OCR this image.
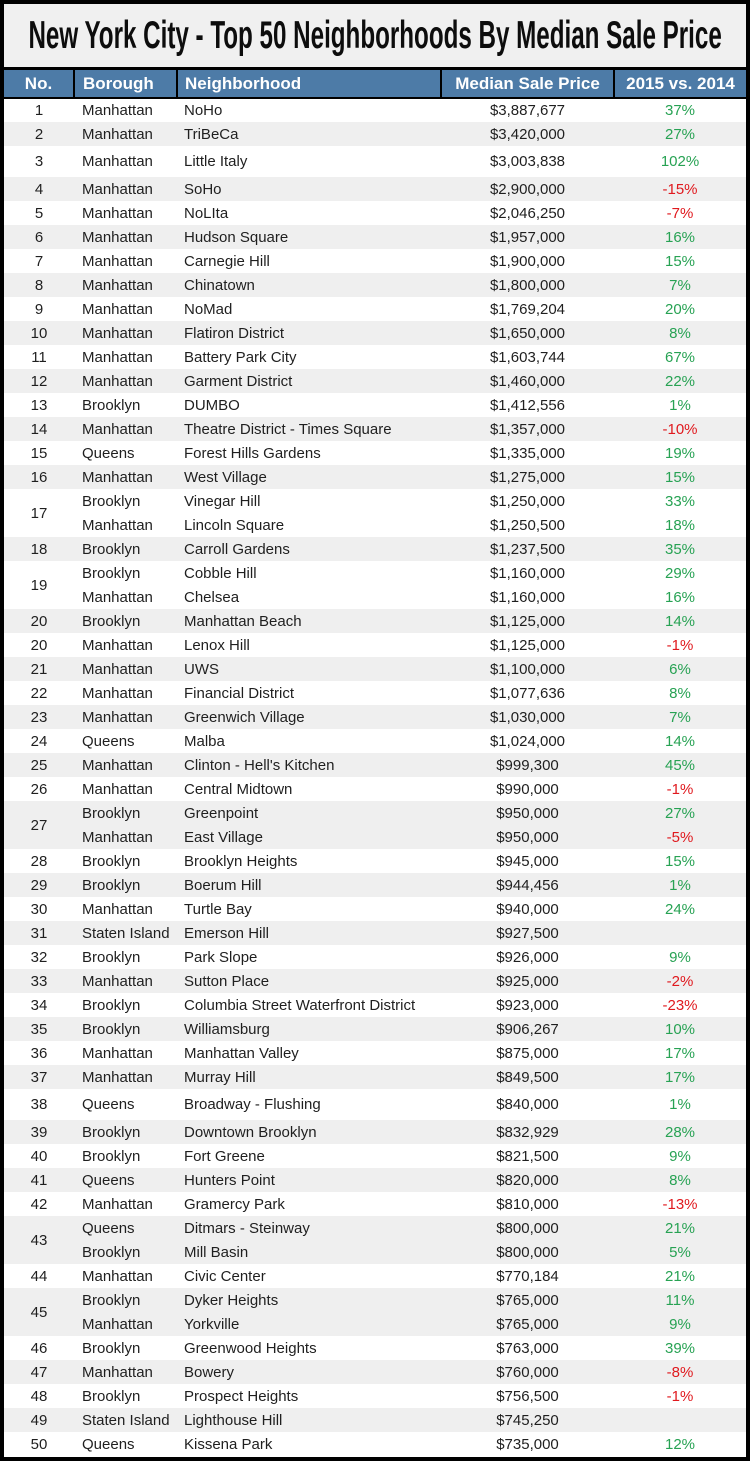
New York City - Top 50 Neighborhoods By Median Sale Price
No.	Borough	Neighborhood	Median Sale Price	2015 vs. 2014
1	Manhattan	NoHo	$3,887,677	37%
2	Manhattan	TriBeCa	$3,420,000	27%
3	Manhattan	Little Italy	$3,003,838	102%
4	Manhattan	SoHo	$2,900,000	-15%
5	Manhattan	NoLIta	$2,046,250	-7%
6	Manhattan	Hudson Square	$1,957,000	16%
7	Manhattan	Carnegie Hill	$1,900,000	15%
8	Manhattan	Chinatown	$1,800,000	7%
9	Manhattan	NoMad	$1,769,204	20%
10	Manhattan	Flatiron District	$1,650,000	8%
11	Manhattan	Battery Park City	$1,603,744	67%
12	Manhattan	Garment District	$1,460,000	22%
13	Brooklyn	DUMBO	$1,412,556	1%
14	Manhattan	Theatre District - Times Square	$1,357,000	-10%
15	Queens	Forest Hills Gardens	$1,335,000	19%
16	Manhattan	West Village	$1,275,000	15%
17	Brooklyn	Vinegar Hill	$1,250,000	33%
	Manhattan	Lincoln Square	$1,250,500	18%
18	Brooklyn	Carroll Gardens	$1,237,500	35%
19	Brooklyn	Cobble Hill	$1,160,000	29%
	Manhattan	Chelsea	$1,160,000	16%
20	Brooklyn	Manhattan Beach	$1,125,000	14%
20	Manhattan	Lenox Hill	$1,125,000	-1%
21	Manhattan	UWS	$1,100,000	6%
22	Manhattan	Financial District	$1,077,636	8%
23	Manhattan	Greenwich Village	$1,030,000	7%
24	Queens	Malba	$1,024,000	14%
25	Manhattan	Clinton - Hell's Kitchen	$999,300	45%
26	Manhattan	Central Midtown	$990,000	-1%
27	Brooklyn	Greenpoint	$950,000	27%
	Manhattan	East Village	$950,000	-5%
28	Brooklyn	Brooklyn Heights	$945,000	15%
29	Brooklyn	Boerum Hill	$944,456	1%
30	Manhattan	Turtle Bay	$940,000	24%
31	Staten Island	Emerson Hill	$927,500	
32	Brooklyn	Park Slope	$926,000	9%
33	Manhattan	Sutton Place	$925,000	-2%
34	Brooklyn	Columbia Street Waterfront District	$923,000	-23%
35	Brooklyn	Williamsburg	$906,267	10%
36	Manhattan	Manhattan Valley	$875,000	17%
37	Manhattan	Murray Hill	$849,500	17%
38	Queens	Broadway - Flushing	$840,000	1%
39	Brooklyn	Downtown Brooklyn	$832,929	28%
40	Brooklyn	Fort Greene	$821,500	9%
41	Queens	Hunters Point	$820,000	8%
42	Manhattan	Gramercy Park	$810,000	-13%
43	Queens	Ditmars - Steinway	$800,000	21%
	Brooklyn	Mill Basin	$800,000	5%
44	Manhattan	Civic Center	$770,184	21%
45	Brooklyn	Dyker Heights	$765,000	11%
	Manhattan	Yorkville	$765,000	9%
46	Brooklyn	Greenwood Heights	$763,000	39%
47	Manhattan	Bowery	$760,000	-8%
48	Brooklyn	Prospect Heights	$756,500	-1%
49	Staten Island	Lighthouse Hill	$745,250	
50	Queens	Kissena Park	$735,000	12%
